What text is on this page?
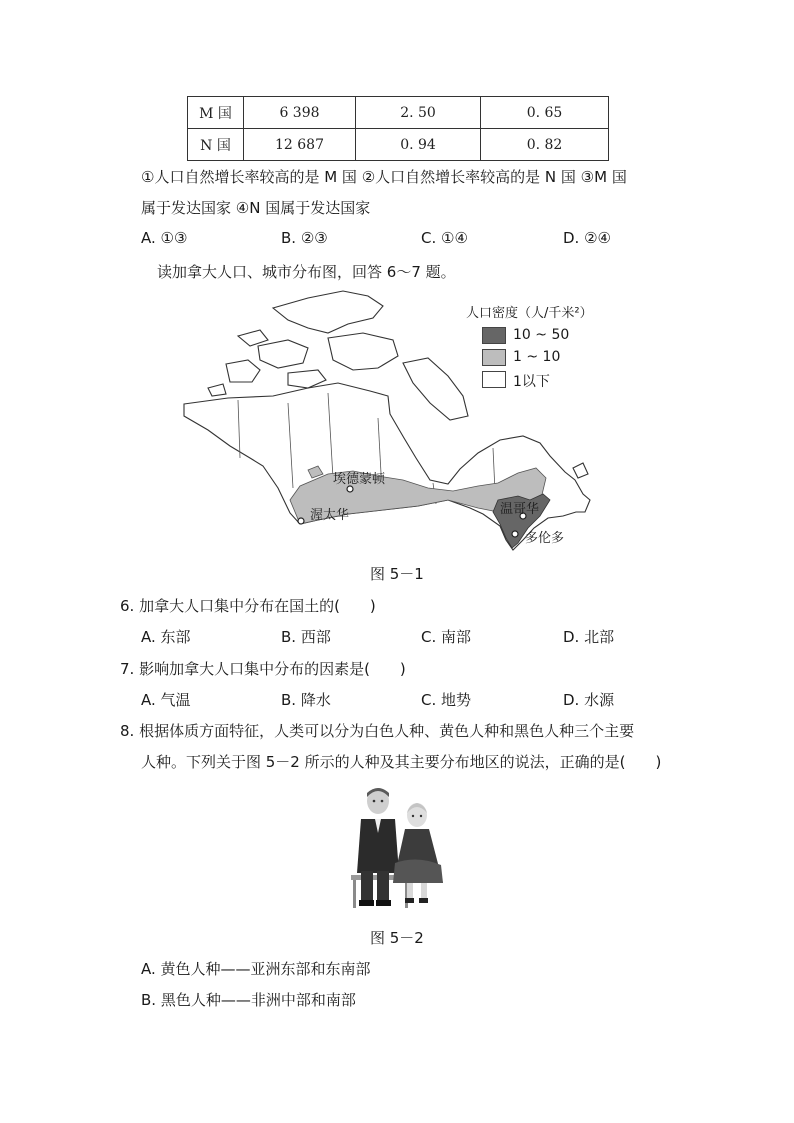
M 国	6 398	2. 50	0. 65
N 国	12 687	0. 94	0. 82
①人口自然增长率较高的是 M 国 ②人口自然增长率较高的是 N 国 ③M 国
属于发达国家 ④N 国属于发达国家
A. ①③	B. ②③	C. ①④	D. ②④
读加拿大人口、城市分布图，回答 6～7 题。
人口密度（人/千米²）
10 ~ 50
1 ~ 10
1以下
埃德蒙顿
渥太华	温哥华
多伦多
图 5－1
6. 加拿大人口集中分布在国土的(　　)
A. 东部	B. 西部	C. 南部	D. 北部
7. 影响加拿大人口集中分布的因素是(　　)
A. 气温	B. 降水	C. 地势	D. 水源
8. 根据体质方面特征，人类可以分为白色人种、黄色人种和黑色人种三个主要
人种。下列关于图 5－2 所示的人种及其主要分布地区的说法，正确的是(　　)
图 5－2
A. 黄色人种——亚洲东部和东南部
B. 黑色人种——非洲中部和南部
